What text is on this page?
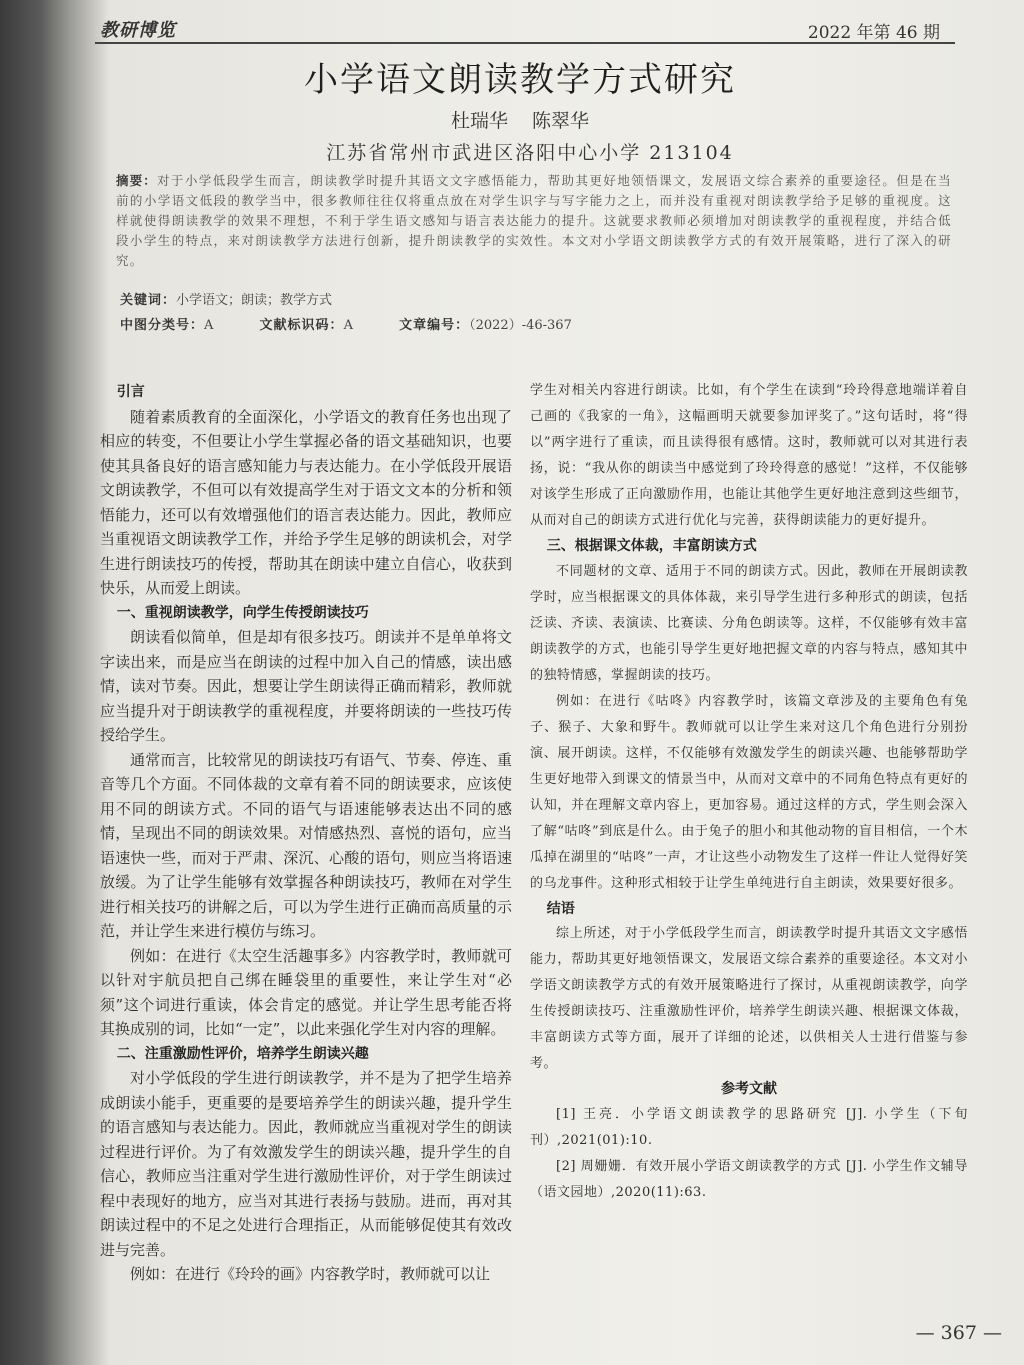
教研博览	2022 年第 46 期
小学语文朗读教学方式研究
杜瑞华 陈翠华
江苏省常州市武进区洛阳中心小学 213104
摘要：对于小学低段学生而言，朗读教学时提升其语文文字感悟能力，帮助其更好地领悟课文，发展语文综合素养的重要途径。但是在当前的小学语文低段的教学当中，很多教师往往仅将重点放在对学生识字与写字能力之上，而并没有重视对朗读教学给予足够的重视度。这样就使得朗读教学的效果不理想，不利于学生语文感知与语言表达能力的提升。这就要求教师必须增加对朗读教学的重视程度，并结合低段小学生的特点，来对朗读教学方法进行创新，提升朗读教学的实效性。本文对小学语文朗读教学方式的有效开展策略，进行了深入的研究。
关键词：小学语文；朗读；教学方式
中图分类号：A	文献标识码：A	文章编号：（2022）-46-367
引言

随着素质教育的全面深化，小学语文的教育任务也出现了相应的转变，不但要让小学生掌握必备的语文基础知识，也要使其具备良好的语言感知能力与表达能力。在小学低段开展语文朗读教学，不但可以有效提高学生对于语文文本的分析和领悟能力，还可以有效增强他们的语言表达能力。因此，教师应当重视语文朗读教学工作，并给予学生足够的朗读机会，对学生进行朗读技巧的传授，帮助其在朗读中建立自信心，收获到快乐，从而爱上朗读。

一、重视朗读教学，向学生传授朗读技巧

朗读看似简单，但是却有很多技巧。朗读并不是单单将文字读出来，而是应当在朗读的过程中加入自己的情感，读出感情，读对节奏。因此，想要让学生朗读得正确而精彩，教师就应当提升对于朗读教学的重视程度，并要将朗读的一些技巧传授给学生。

通常而言，比较常见的朗读技巧有语气、节奏、停连、重音等几个方面。不同体裁的文章有着不同的朗读要求，应该使用不同的朗读方式。不同的语气与语速能够表达出不同的感情，呈现出不同的朗读效果。对情感热烈、喜悦的语句，应当语速快一些，而对于严肃、深沉、心酸的语句，则应当将语速放缓。为了让学生能够有效掌握各种朗读技巧，教师在对学生进行相关技巧的讲解之后，可以为学生进行正确而高质量的示范，并让学生来进行模仿与练习。

例如：在进行《太空生活趣事多》内容教学时，教师就可以针对宇航员把自己绑在睡袋里的重要性，来让学生对“必须”这个词进行重读，体会肯定的感觉。并让学生思考能否将其换成别的词，比如“一定”，以此来强化学生对内容的理解。

二、注重激励性评价，培养学生朗读兴趣

对小学低段的学生进行朗读教学，并不是为了把学生培养成朗读小能手，更重要的是要培养学生的朗读兴趣，提升学生的语言感知与表达能力。因此，教师就应当重视对学生的朗读过程进行评价。为了有效激发学生的朗读兴趣，提升学生的自信心，教师应当注重对学生进行激励性评价，对于学生朗读过程中表现好的地方，应当对其进行表扬与鼓励。进而，再对其朗读过程中的不足之处进行合理指正，从而能够促使其有效改进与完善。

例如：在进行《玲玲的画》内容教学时，教师就可以让

学生对相关内容进行朗读。比如，有个学生在读到“玲玲得意地端详着自己画的《我家的一角》，这幅画明天就要参加评奖了。”这句话时，将“得以”两字进行了重读，而且读得很有感情。这时，教师就可以对其进行表扬，说：“我从你的朗读当中感觉到了玲玲得意的感觉！”这样，不仅能够对该学生形成了正向激励作用，也能让其他学生更好地注意到这些细节，从而对自己的朗读方式进行优化与完善，获得朗读能力的更好提升。

三、根据课文体裁，丰富朗读方式

不同题材的文章、适用于不同的朗读方式。因此，教师在开展朗读教学时，应当根据课文的具体体裁，来引导学生进行多种形式的朗读，包括泛读、齐读、表演读、比赛读、分角色朗读等。这样，不仅能够有效丰富朗读教学的方式，也能引导学生更好地把握文章的内容与特点，感知其中的独特情感，掌握朗读的技巧。

例如：在进行《咕咚》内容教学时，该篇文章涉及的主要角色有兔子、猴子、大象和野牛。教师就可以让学生来对这几个角色进行分别扮演、展开朗读。这样，不仅能够有效激发学生的朗读兴趣、也能够帮助学生更好地带入到课文的情景当中，从而对文章中的不同角色特点有更好的认知，并在理解文章内容上，更加容易。通过这样的方式，学生则会深入了解“咕咚”到底是什么。由于兔子的胆小和其他动物的盲目相信，一个木瓜掉在湖里的“咕咚”一声，才让这些小动物发生了这样一件让人觉得好笑的乌龙事件。这种形式相较于让学生单纯进行自主朗读，效果要好很多。

结语

综上所述，对于小学低段学生而言，朗读教学时提升其语文文字感悟能力，帮助其更好地领悟课文，发展语文综合素养的重要途径。本文对小学语文朗读教学方式的有效开展策略进行了探讨，从重视朗读教学，向学生传授朗读技巧、注重激励性评价，培养学生朗读兴趣、根据课文体裁，丰富朗读方式等方面，展开了详细的论述，以供相关人士进行借鉴与参考。

参考文献

[1] 王亮．小学语文朗读教学的思路研究 [J]. 小学生（下旬刊）,2021(01):10.

[2] 周姗姗．有效开展小学语文朗读教学的方式 [J]. 小学生作文辅导（语文园地）,2020(11):63.

— 367 —
